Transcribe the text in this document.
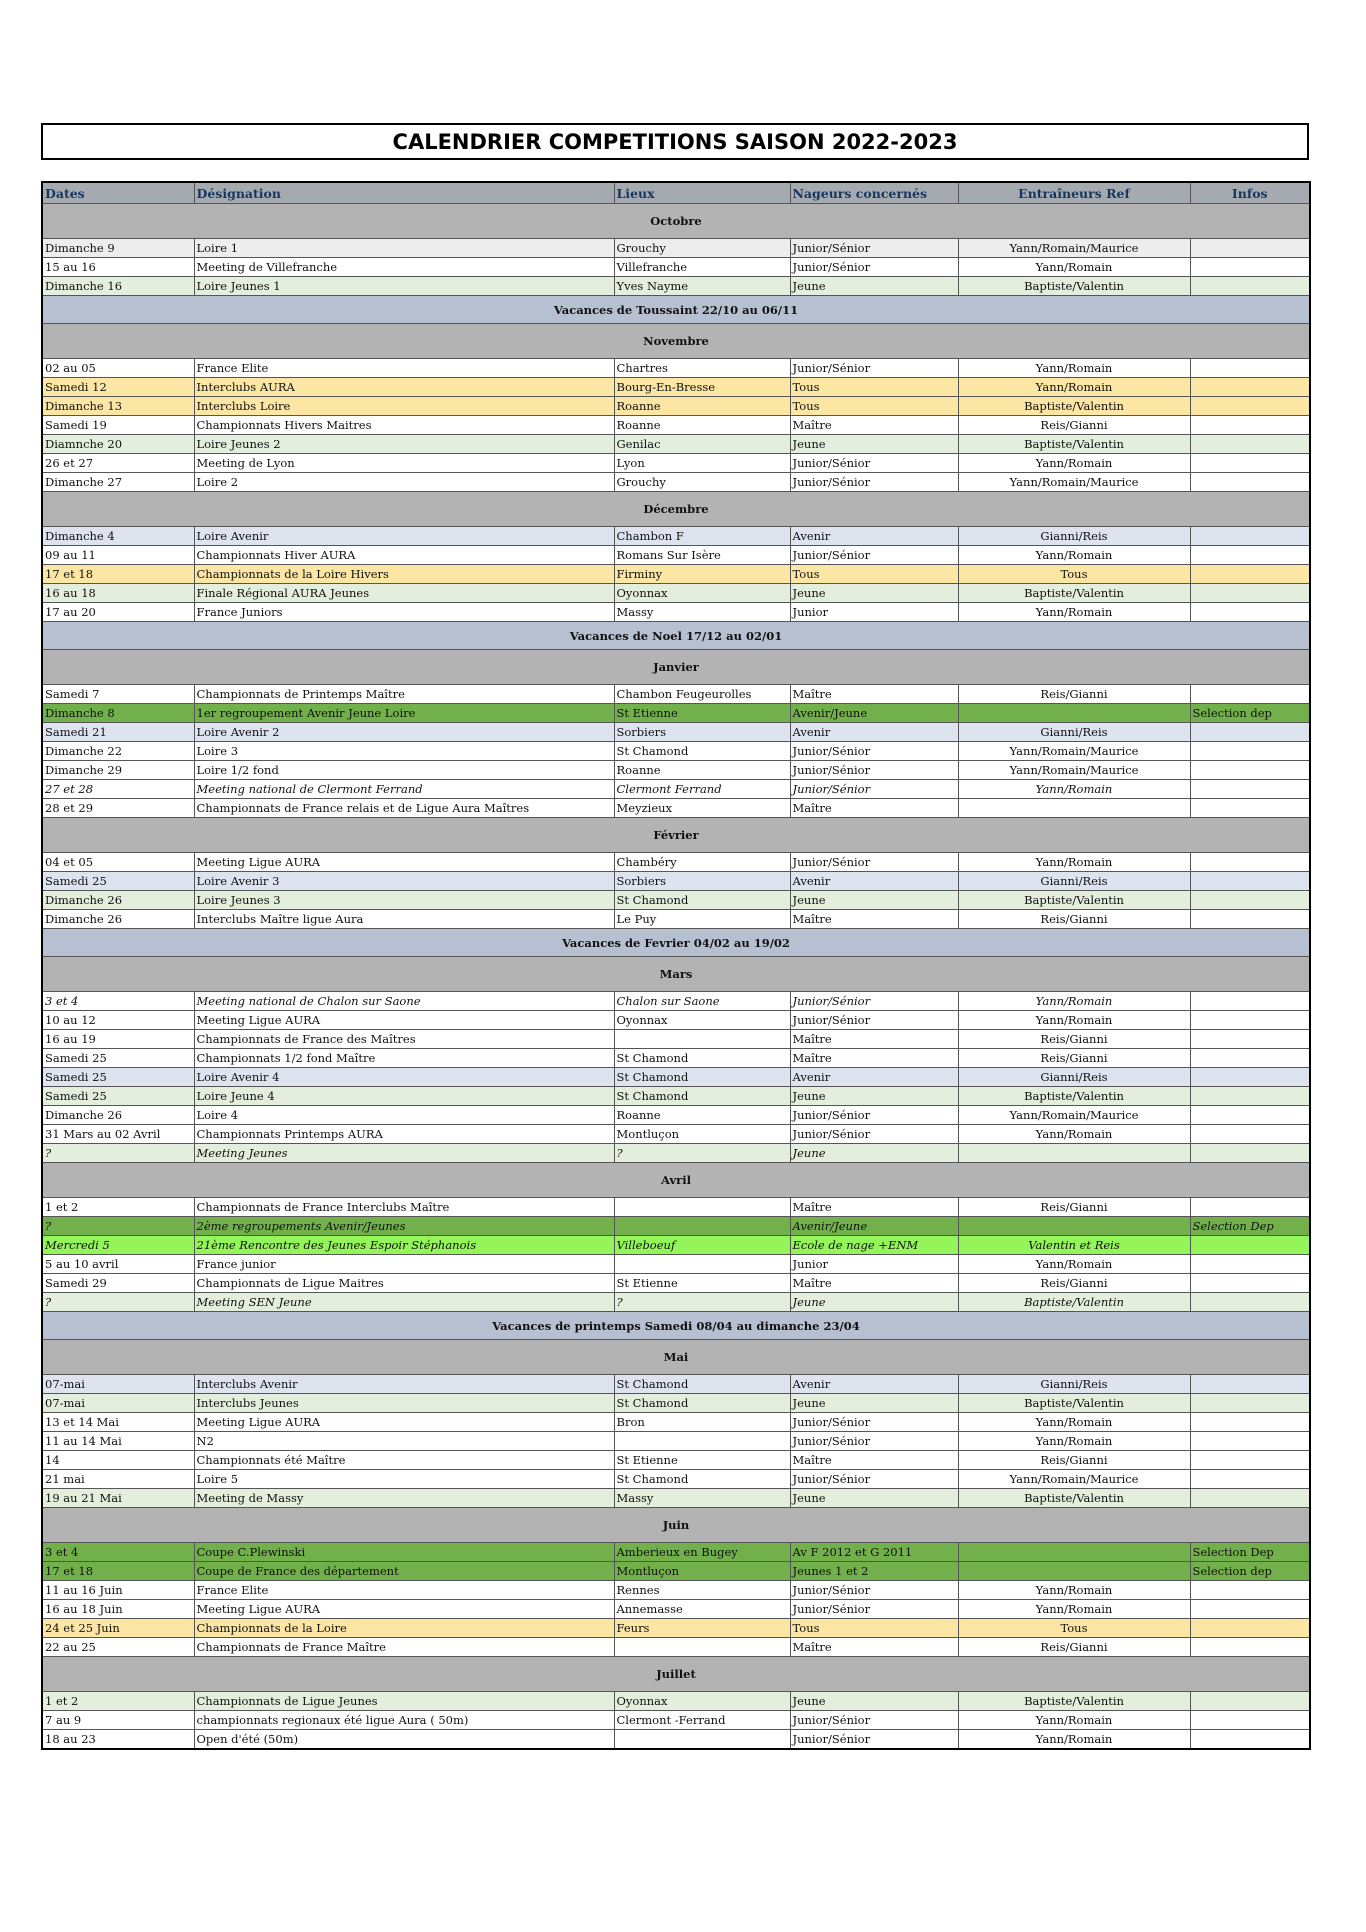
CALENDRIER COMPETITIONS SAISON 2022-2023
Dates	Désignation	Lieux	Nageurs concernés	Entraîneurs Ref	Infos
Octobre					
Dimanche 9	Loire 1	Grouchy	Junior/Sénior	Yann/Romain/Maurice	
15 au 16	Meeting de Villefranche	Villefranche	Junior/Sénior	Yann/Romain	
Dimanche 16	Loire Jeunes 1	Yves Nayme	Jeune	Baptiste/Valentin	
Vacances de Toussaint 22/10 au 06/11					
Novembre					
02 au 05	France Elite	Chartres	Junior/Sénior	Yann/Romain	
Samedi 12	Interclubs AURA	Bourg-En-Bresse	Tous	Yann/Romain	
Dimanche 13	Interclubs Loire	Roanne	Tous	Baptiste/Valentin	
Samedi 19	Championnats Hivers Maitres	Roanne	Maître	Reis/Gianni	
Diamnche 20	Loire Jeunes 2	Genilac	Jeune	Baptiste/Valentin	
26 et 27	Meeting de Lyon	Lyon	Junior/Sénior	Yann/Romain	
Dimanche 27	Loire 2	Grouchy	Junior/Sénior	Yann/Romain/Maurice	
Décembre					
Dimanche 4	Loire Avenir	Chambon F	Avenir	Gianni/Reis	
09 au 11	Championnats Hiver AURA	Romans Sur Isère	Junior/Sénior	Yann/Romain	
17 et 18	Championnats de la Loire Hivers	Firminy	Tous	Tous	
16 au 18	Finale Régional AURA Jeunes	Oyonnax	Jeune	Baptiste/Valentin	
17 au 20	France Juniors	Massy	Junior	Yann/Romain	
Vacances de Noel 17/12 au 02/01					
Janvier					
Samedi 7	Championnats de Printemps Maître	Chambon Feugeurolles	Maître	Reis/Gianni	
Dimanche 8	1er regroupement Avenir Jeune Loire	St Etienne	Avenir/Jeune		Selection dep
Samedi 21	Loire Avenir 2	Sorbiers	Avenir	Gianni/Reis	
Dimanche 22	Loire 3	St Chamond	Junior/Sénior	Yann/Romain/Maurice	
Dimanche 29	Loire 1/2 fond	Roanne	Junior/Sénior	Yann/Romain/Maurice	
27 et 28	Meeting national de Clermont Ferrand	Clermont Ferrand	Junior/Sénior	Yann/Romain	
28 et 29	Championnats de France relais et de Ligue Aura Maîtres	Meyzieux	Maître		
Février					
04 et 05	Meeting Ligue AURA	Chambéry	Junior/Sénior	Yann/Romain	
Samedi 25	Loire Avenir 3	Sorbiers	Avenir	Gianni/Reis	
Dimanche 26	Loire Jeunes 3	St Chamond	Jeune	Baptiste/Valentin	
Dimanche 26	Interclubs Maître ligue Aura	Le Puy	Maître	Reis/Gianni	
Vacances de Fevrier 04/02 au 19/02					
Mars					
3 et 4	Meeting national de Chalon sur Saone	Chalon sur Saone	Junior/Sénior	Yann/Romain	
10 au 12	Meeting Ligue AURA	Oyonnax	Junior/Sénior	Yann/Romain	
16 au 19	Championnats de France des Maîtres		Maître	Reis/Gianni	
Samedi 25	Championnats 1/2 fond Maître	St Chamond	Maître	Reis/Gianni	
Samedi 25	Loire Avenir 4	St Chamond	Avenir	Gianni/Reis	
Samedi 25	Loire Jeune 4	St Chamond	Jeune	Baptiste/Valentin	
Dimanche 26	Loire 4	Roanne	Junior/Sénior	Yann/Romain/Maurice	
31 Mars au 02 Avril	Championnats Printemps AURA	Montluçon	Junior/Sénior	Yann/Romain	
?	Meeting Jeunes	?	Jeune		
Avril					
1 et 2	Championnats de France Interclubs Maître		Maître	Reis/Gianni	
?	2ème regroupements Avenir/Jeunes		Avenir/Jeune		Selection Dep
Mercredi 5	21ème Rencontre des Jeunes Espoir Stéphanois	Villeboeuf	Ecole de nage +ENM	Valentin et Reis	
5 au 10 avril	France junior		Junior	Yann/Romain	
Samedi 29	Championnats de Ligue Maitres	St Etienne	Maître	Reis/Gianni	
?	Meeting SEN Jeune	?	Jeune	Baptiste/Valentin	
Vacances de printemps Samedi 08/04 au dimanche 23/04					
Mai					
07-mai	Interclubs Avenir	St Chamond	Avenir	Gianni/Reis	
07-mai	Interclubs Jeunes	St Chamond	Jeune	Baptiste/Valentin	
13 et 14 Mai	Meeting Ligue AURA	Bron	Junior/Sénior	Yann/Romain	
11 au 14 Mai	N2		Junior/Sénior	Yann/Romain	
14	Championnats été Maître	St Etienne	Maître	Reis/Gianni	
21 mai	Loire 5	St Chamond	Junior/Sénior	Yann/Romain/Maurice	
19 au 21 Mai	Meeting de Massy	Massy	Jeune	Baptiste/Valentin	
Juin					
3 et 4	Coupe C.Plewinski	Amberieux en Bugey	Av F 2012 et G 2011		Selection Dep
17 et 18	Coupe de France des département	Montluçon	Jeunes 1 et 2		Selection dep
11 au 16 Juin	France Elite	Rennes	Junior/Sénior	Yann/Romain	
16 au 18 Juin	Meeting Ligue AURA	Annemasse	Junior/Sénior	Yann/Romain	
24 et 25 Juin	Championnats de la Loire	Feurs	Tous	Tous	
22 au 25	Championnats de France Maître		Maître	Reis/Gianni	
Juillet					
1 et 2	Championnats de Ligue Jeunes	Oyonnax	Jeune	Baptiste/Valentin	
7 au 9	championnats regionaux été ligue Aura ( 50m)	Clermont -Ferrand	Junior/Sénior	Yann/Romain	
18 au 23	Open d'été (50m)		Junior/Sénior	Yann/Romain	
